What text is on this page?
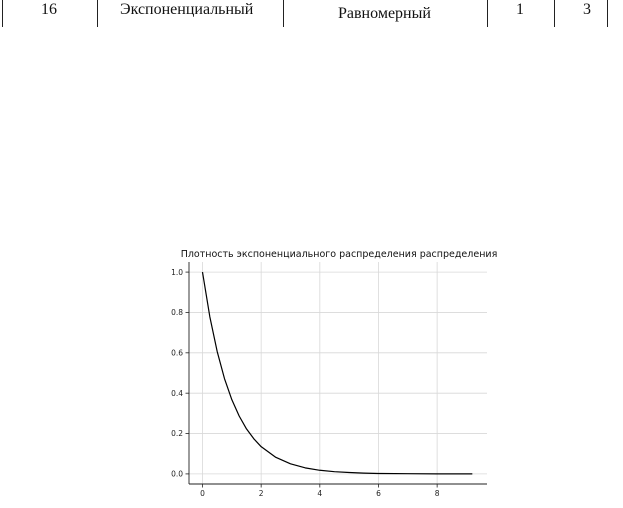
16	Экспоненциальный	Равномерный	1	3
Плотность экспоненциального распределения распределения
0	2	4	6	8
0.0
0.2
0.4
0.6
0.8
1.0
